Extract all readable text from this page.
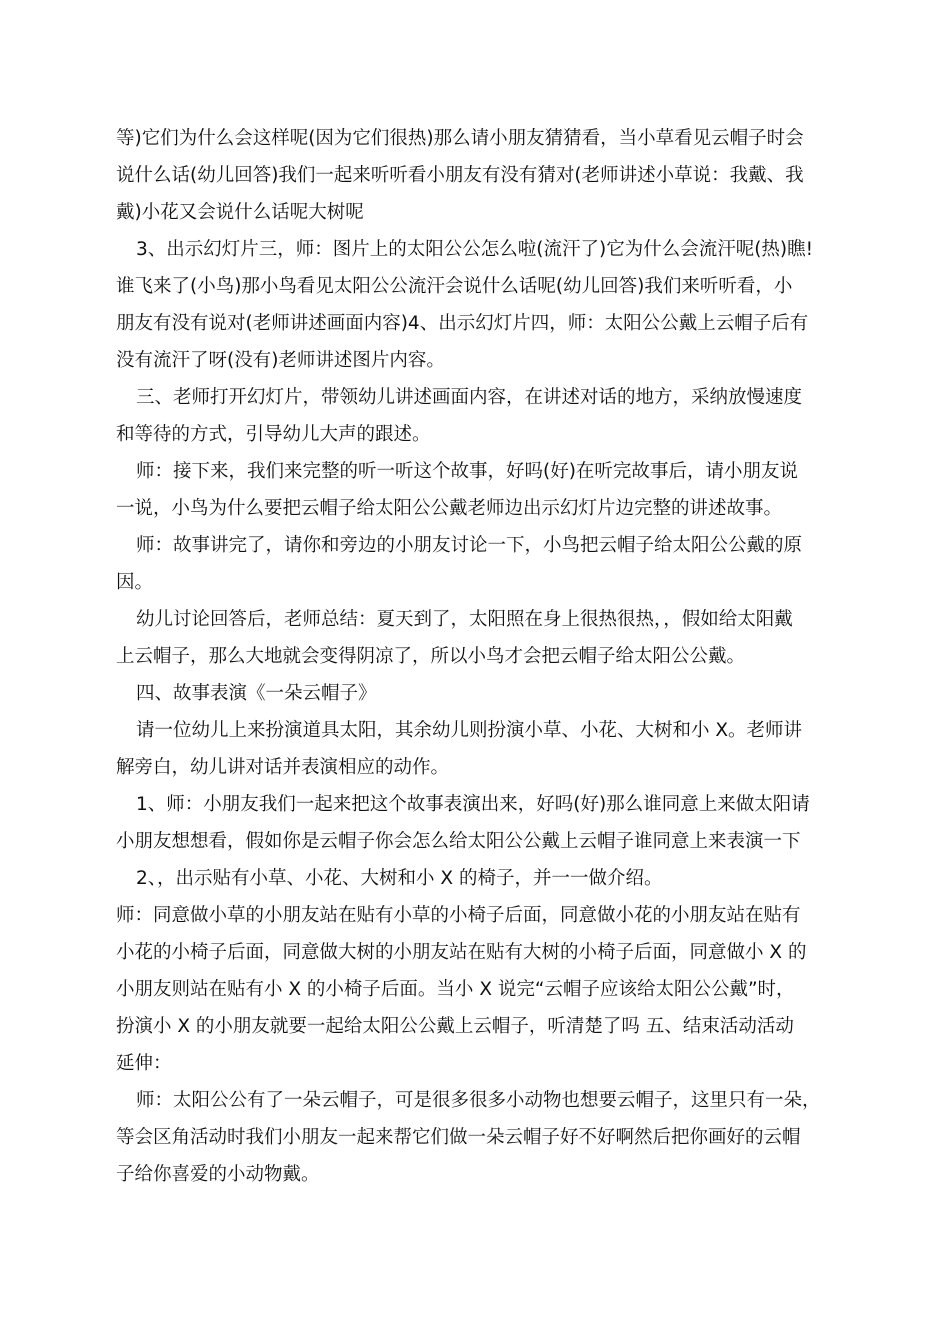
等)它们为什么会这样呢(因为它们很热)那么请小朋友猜猜看，当小草看见云帽子时会
说什么话(幼儿回答)我们一起来听听看小朋友有没有猜对(老师讲述小草说：我戴、我
戴)小花又会说什么话呢大树呢
3、出示幻灯片三，师：图片上的太阳公公怎么啦(流汗了)它为什么会流汗呢(热)瞧!
谁飞来了(小鸟)那小鸟看见太阳公公流汗会说什么话呢(幼儿回答)我们来听听看，小
朋友有没有说对(老师讲述画面内容)4、出示幻灯片四，师：太阳公公戴上云帽子后有
没有流汗了呀(没有)老师讲述图片内容。
三、老师打开幻灯片，带领幼儿讲述画面内容，在讲述对话的地方，采纳放慢速度
和等待的方式，引导幼儿大声的跟述。
师：接下来，我们来完整的听一听这个故事，好吗(好)在听完故事后，请小朋友说
一说，小鸟为什么要把云帽子给太阳公公戴老师边出示幻灯片边完整的讲述故事。
师：故事讲完了，请你和旁边的小朋友讨论一下，小鸟把云帽子给太阳公公戴的原
因。
幼儿讨论回答后，老师总结：夏天到了，太阳照在身上很热很热，，假如给太阳戴
上云帽子，那么大地就会变得阴凉了，所以小鸟才会把云帽子给太阳公公戴。
四、故事表演《一朵云帽子》
请一位幼儿上来扮演道具太阳，其余幼儿则扮演小草、小花、大树和小 X。老师讲
解旁白，幼儿讲对话并表演相应的动作。
1、师：小朋友我们一起来把这个故事表演出来，好吗(好)那么谁同意上来做太阳请
小朋友想想看，假如你是云帽子你会怎么给太阳公公戴上云帽子谁同意上来表演一下
2、，出示贴有小草、小花、大树和小 X 的椅子，并一一做介绍。
师：同意做小草的小朋友站在贴有小草的小椅子后面，同意做小花的小朋友站在贴有
小花的小椅子后面，同意做大树的小朋友站在贴有大树的小椅子后面，同意做小 X 的
小朋友则站在贴有小 X 的小椅子后面。当小 X 说完“云帽子应该给太阳公公戴”时，
扮演小 X 的小朋友就要一起给太阳公公戴上云帽子，听清楚了吗 五、结束活动活动
延伸：
师：太阳公公有了一朵云帽子，可是很多很多小动物也想要云帽子，这里只有一朵，
等会区角活动时我们小朋友一起来帮它们做一朵云帽子好不好啊然后把你画好的云帽
子给你喜爱的小动物戴。
